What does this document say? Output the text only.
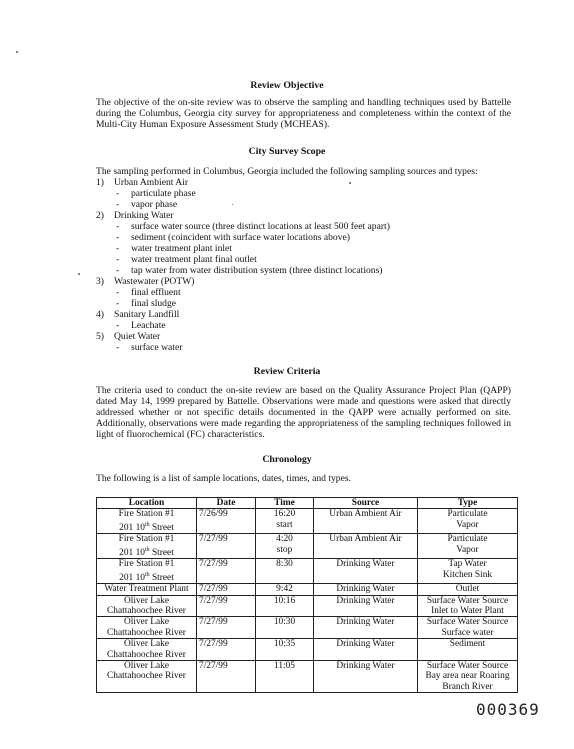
Review Objective
The objective of the on-site review was to observe the sampling and handling techniques used by Battelle during the Columbus, Georgia city survey for appropriateness and completeness within the context of the Multi-City Human Exposure Assessment Study (MCHEAS).
City Survey Scope
The sampling performed in Columbus, Georgia included the following sampling sources and types:
1)	Urban Ambient Air
- particulate phase
- vapor phase
2)	Drinking Water
- surface water source (three distinct locations at least 500 feet apart)
- sediment (coincident with surface water locations above)
- water treatment plant inlet
- water treatment plant final outlet
- tap water from water distribution system (three distinct locations)
3)	Wastewater (POTW)
- final effluent
- final sludge
4)	Sanitary Landfill
- Leachate
5)	Quiet Water
- surface water
Review Criteria
The criteria used to conduct the on-site review are based on the Quality Assurance Project Plan (QAPP) dated May 14, 1999 prepared by Battelle. Observations were made and questions were asked that directly addressed whether or not specific details documented in the QAPP were actually performed on site. Additionally, observations were made regarding the appropriateness of the sampling techniques followed in light of fluorochemical (FC) characteristics.
Chronology
The following is a list of sample locations, dates, times, and types.
Location	Date	Time	Source	Type

Fire Station #1
201 10th Street	7/26/99	16:20
start	Urban Ambient Air	Particulate
Vapor

Fire Station #1
201 10th Street	7/27/99	4:20
stop	Urban Ambient Air	Particulate
Vapor

Fire Station #1
201 10th Street	7/27/99	8:30	Drinking Water	Tap Water
Kitchen Sink

Water Treatment Plant	7/27/99	9:42	Drinking Water	Outlet

Oliver Lake
Chattahoochee River	7/27/99	10:16	Drinking Water	Surface Water Source
Inlet to Water Plant

Oliver Lake
Chattahoochee River	7/27/99	10:30	Drinking Water	Surface Water Source
Surface water

Oliver Lake
Chattahoochee River	7/27/99	10:35	Drinking Water	Sediment

Oliver Lake
Chattahoochee River	7/27/99	11:05	Drinking Water	Surface Water Source
Bay area near Roaring
Branch River
000369
